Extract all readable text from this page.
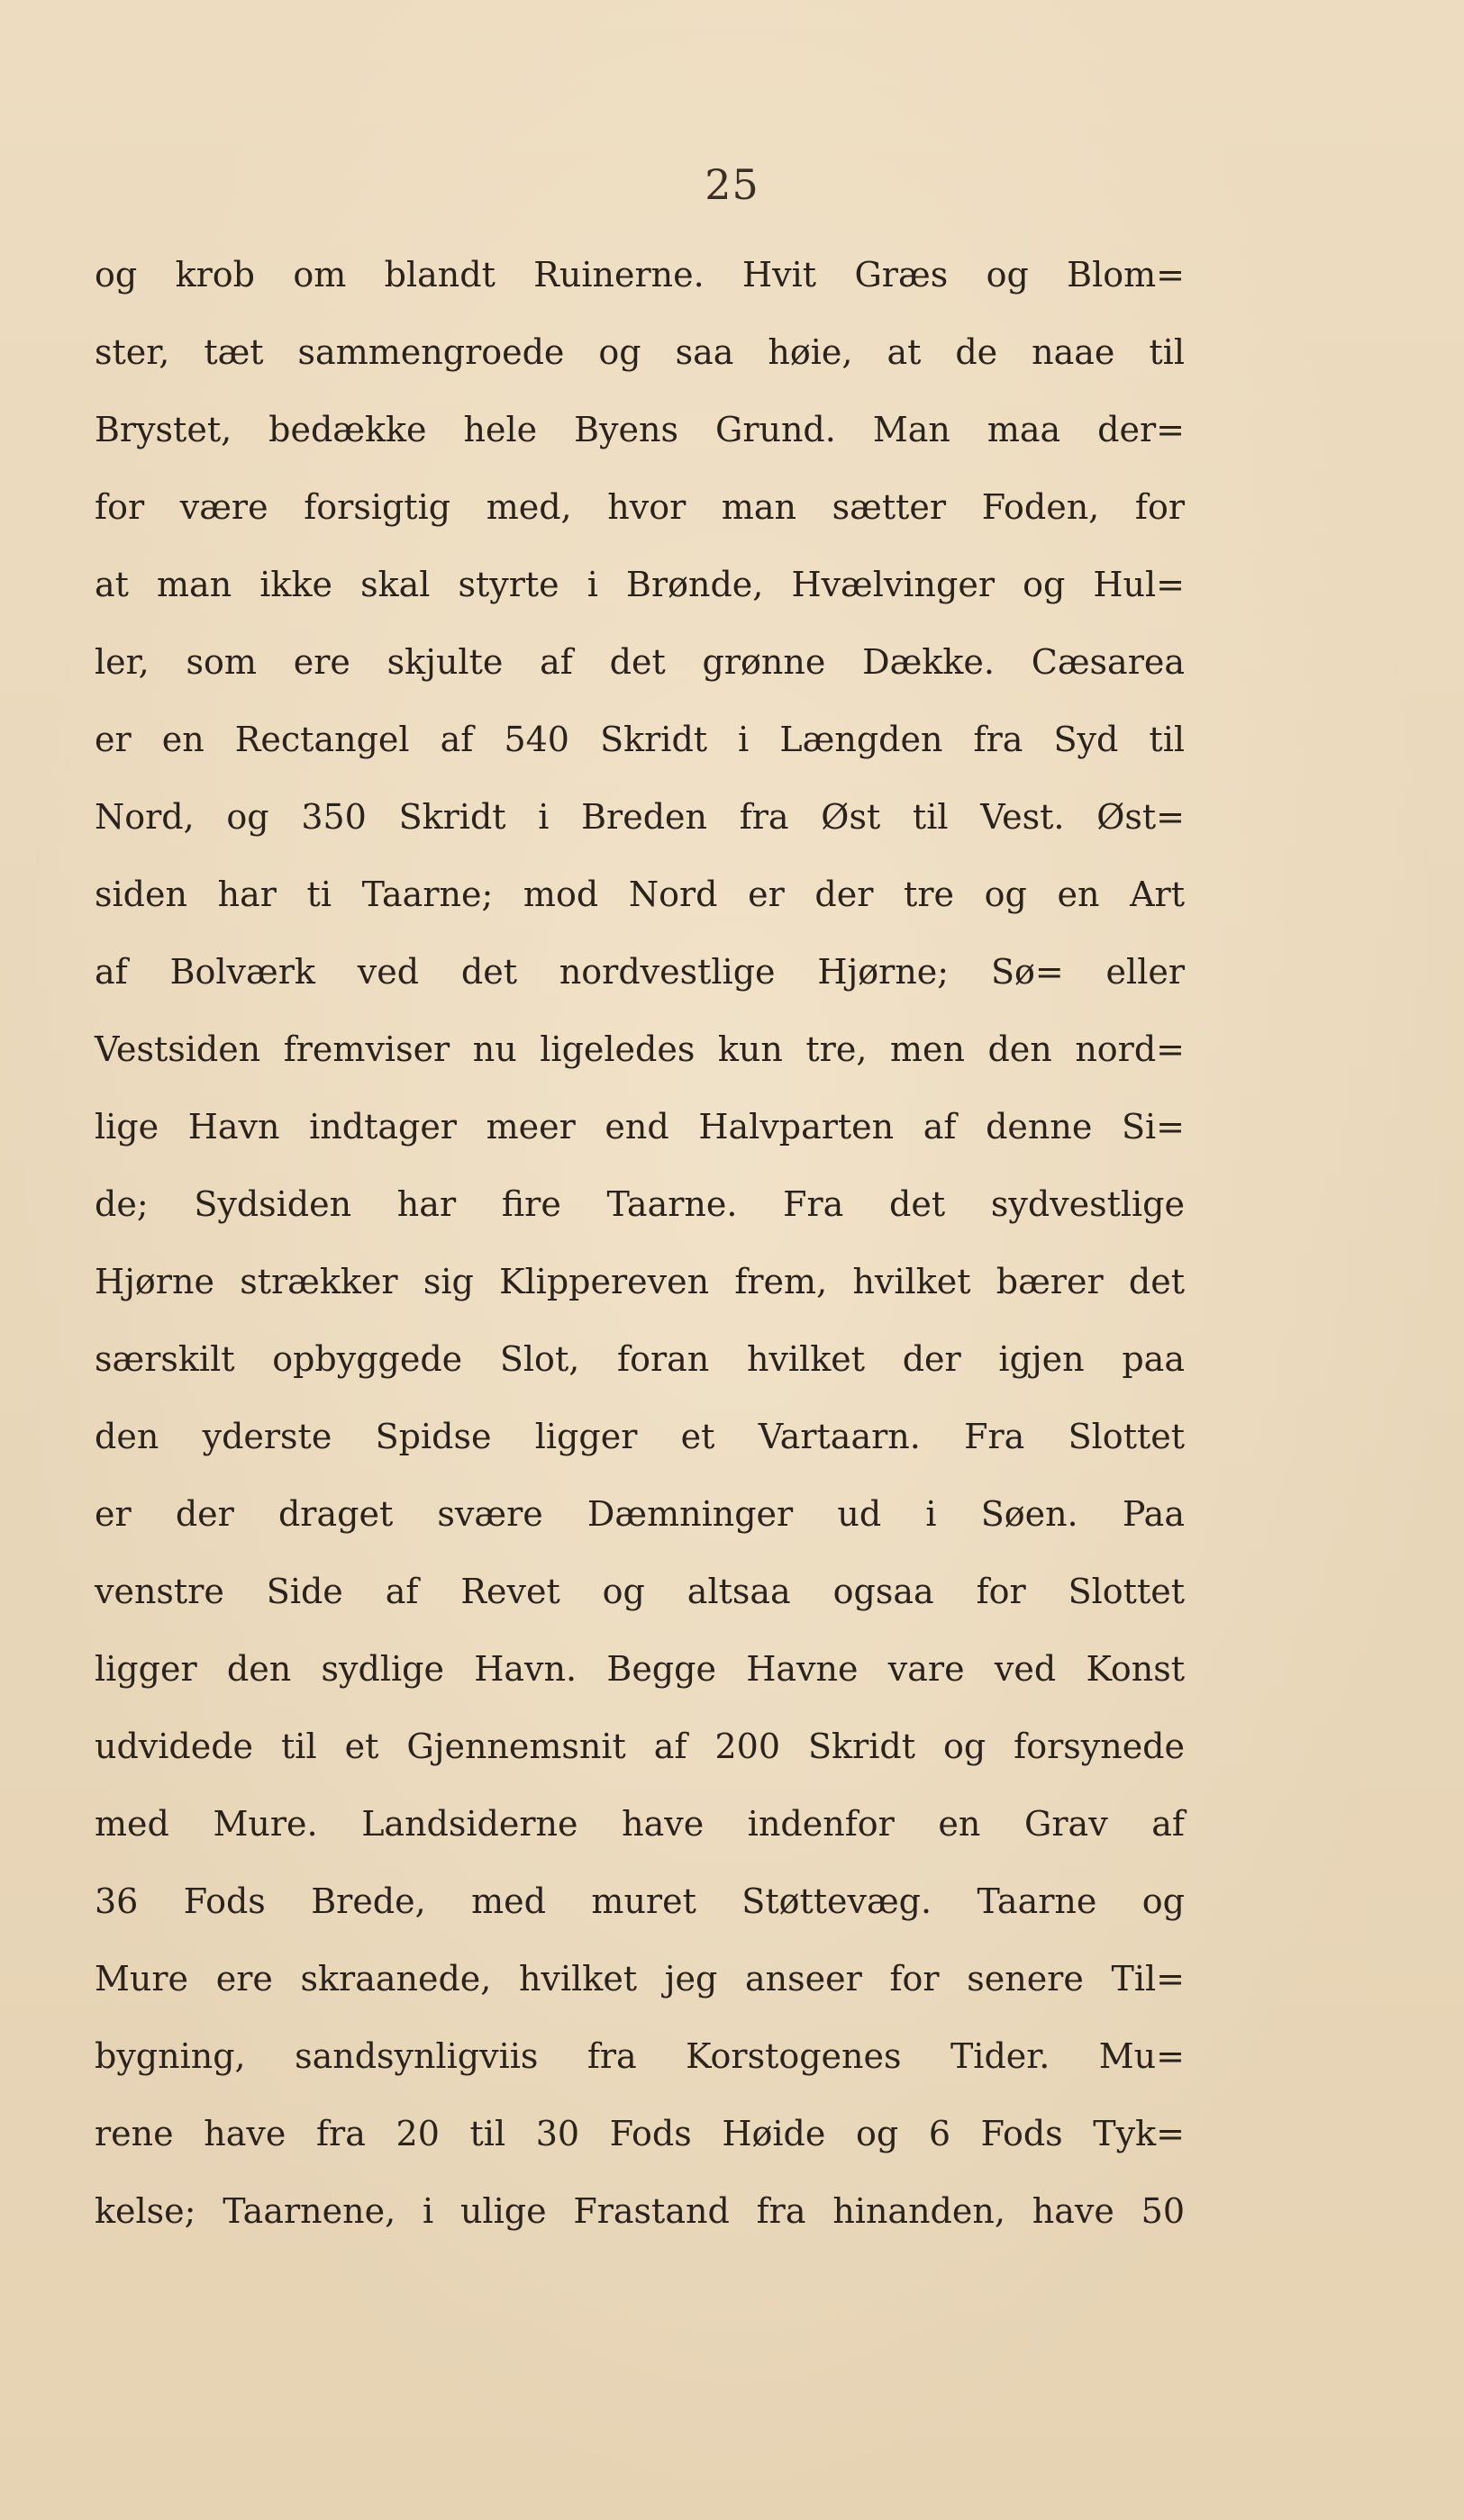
25
og krob om blandt Ruinerne. Hvit Græs og Blom=
ster, tæt sammengroede og saa høie, at de naae til
Brystet, bedække hele Byens Grund. Man maa der=
for være forsigtig med, hvor man sætter Foden, for
at man ikke skal styrte i Brønde, Hvælvinger og Hul=
ler, som ere skjulte af det grønne Dække. Cæsarea
er en Rectangel af 540 Skridt i Længden fra Syd til
Nord, og 350 Skridt i Breden fra Øst til Vest. Øst=
siden har ti Taarne; mod Nord er der tre og en Art
af Bolværk ved det nordvestlige Hjørne; Sø= eller
Vestsiden fremviser nu ligeledes kun tre, men den nord=
lige Havn indtager meer end Halvparten af denne Si=
de; Sydsiden har fire Taarne. Fra det sydvestlige
Hjørne strækker sig Klippereven frem, hvilket bærer det
særskilt opbyggede Slot, foran hvilket der igjen paa
den yderste Spidse ligger et Vartaarn. Fra Slottet
er der draget svære Dæmninger ud i Søen. Paa
venstre Side af Revet og altsaa ogsaa for Slottet
ligger den sydlige Havn. Begge Havne vare ved Konst
udvidede til et Gjennemsnit af 200 Skridt og forsynede
med Mure. Landsiderne have indenfor en Grav af
36 Fods Brede, med muret Støttevæg. Taarne og
Mure ere skraanede, hvilket jeg anseer for senere Til=
bygning, sandsynligviis fra Korstogenes Tider. Mu=
rene have fra 20 til 30 Fods Høide og 6 Fods Tyk=
kelse; Taarnene, i ulige Frastand fra hinanden, have 50
